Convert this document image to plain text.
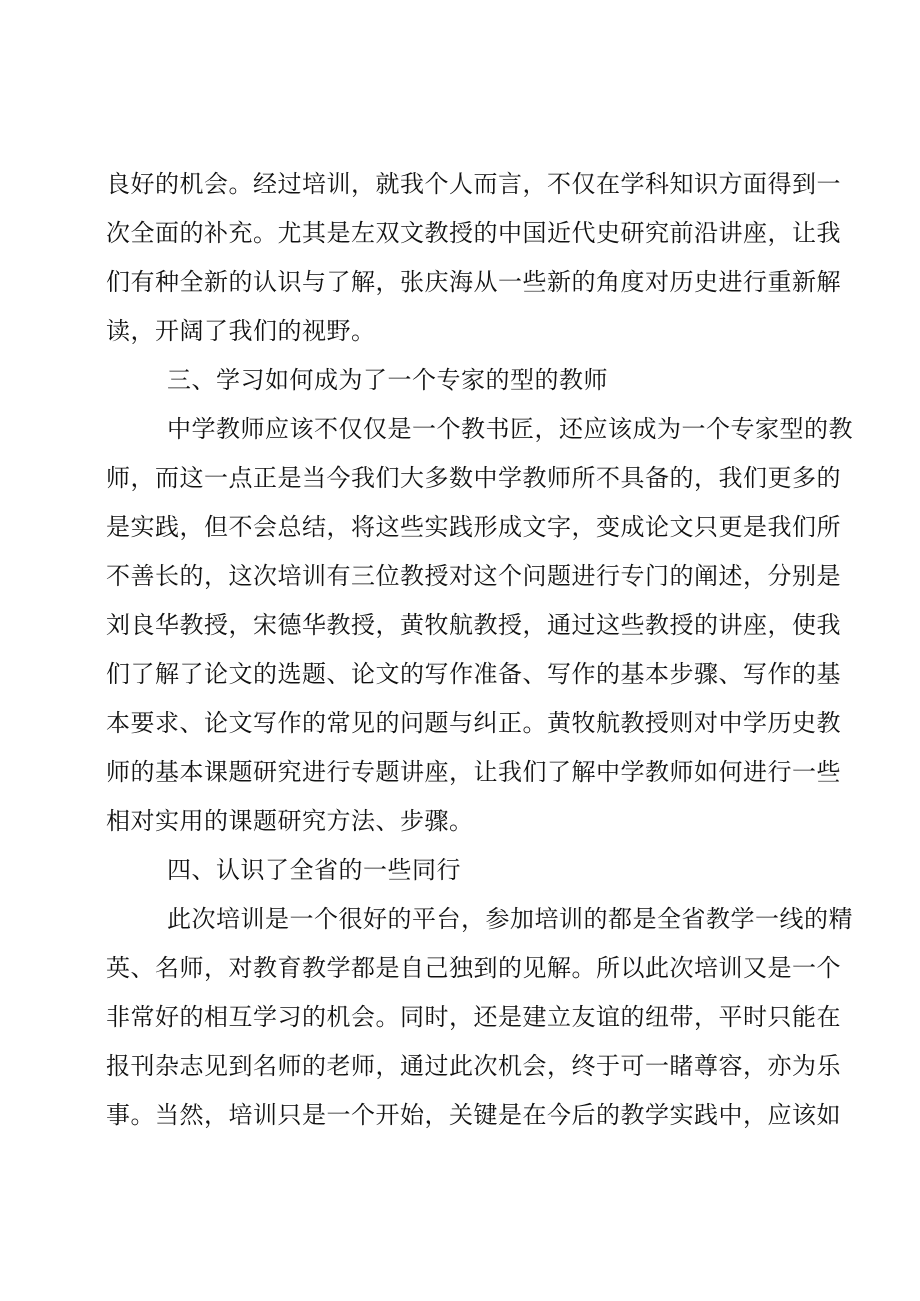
良好的机会。经过培训，就我个人而言，不仅在学科知识方面得到一
次全面的补充。尤其是左双文教授的中国近代史研究前沿讲座，让我
们有种全新的认识与了解，张庆海从一些新的角度对历史进行重新解
读，开阔了我们的视野。
三、学习如何成为了一个专家的型的教师
中学教师应该不仅仅是一个教书匠，还应该成为一个专家型的教
师，而这一点正是当今我们大多数中学教师所不具备的，我们更多的
是实践，但不会总结，将这些实践形成文字，变成论文只更是我们所
不善长的，这次培训有三位教授对这个问题进行专门的阐述，分别是
刘良华教授，宋德华教授，黄牧航教授，通过这些教授的讲座，使我
们了解了论文的选题、论文的写作准备、写作的基本步骤、写作的基
本要求、论文写作的常见的问题与纠正。黄牧航教授则对中学历史教
师的基本课题研究进行专题讲座，让我们了解中学教师如何进行一些
相对实用的课题研究方法、步骤。
四、认识了全省的一些同行
此次培训是一个很好的平台，参加培训的都是全省教学一线的精
英、名师，对教育教学都是自己独到的见解。所以此次培训又是一个
非常好的相互学习的机会。同时，还是建立友谊的纽带，平时只能在
报刊杂志见到名师的老师，通过此次机会，终于可一睹尊容，亦为乐
事。当然，培训只是一个开始，关键是在今后的教学实践中，应该如
